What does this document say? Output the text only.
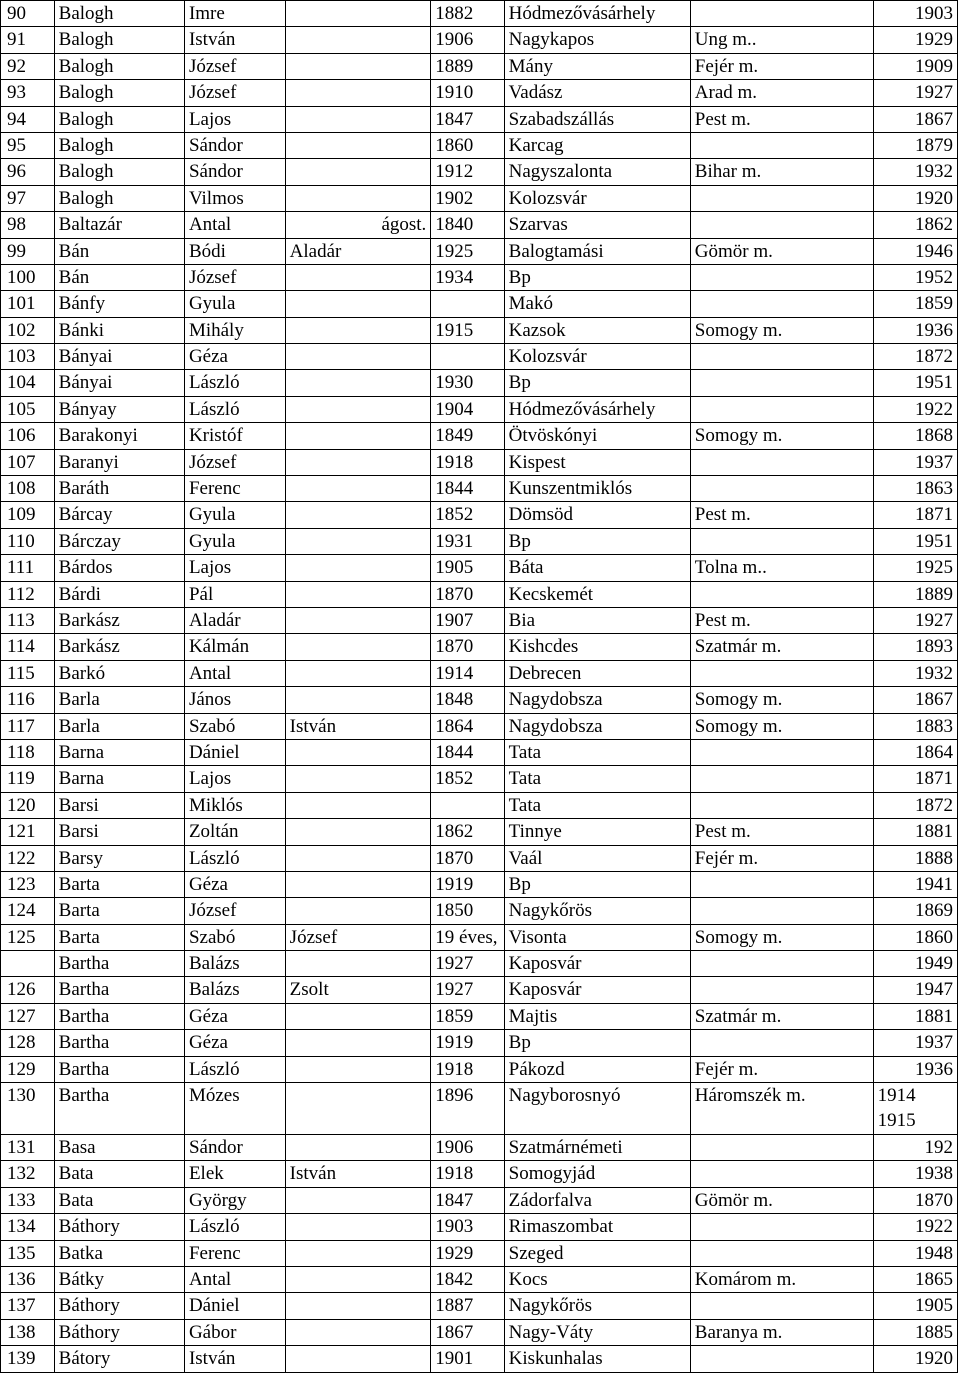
90	Balogh	Imre		1882	Hódmezővásárhely		1903
91	Balogh	István		1906	Nagykapos	Ung m..	1929
92	Balogh	József		1889	Mány	Fejér m.	1909
93	Balogh	József		1910	Vadász	Arad m.	1927
94	Balogh	Lajos		1847	Szabadszállás	Pest m.	1867
95	Balogh	Sándor		1860	Karcag		1879
96	Balogh	Sándor		1912	Nagyszalonta	Bihar m.	1932
97	Balogh	Vilmos		1902	Kolozsvár		1920
98	Baltazár	Antal	ágost.	1840	Szarvas		1862
99	Bán	Bódi	Aladár	1925	Balogtamási	Gömör m.	1946
100	Bán	József		1934	Bp		1952
101	Bánfy	Gyula			Makó		1859
102	Bánki	Mihály		1915	Kazsok	Somogy m.	1936
103	Bányai	Géza			Kolozsvár		1872
104	Bányai	László		1930	Bp		1951
105	Bányay	László		1904	Hódmezővásárhely		1922
106	Barakonyi	Kristóf		1849	Ötvöskónyi	Somogy m.	1868
107	Baranyi	József		1918	Kispest		1937
108	Baráth	Ferenc		1844	Kunszentmiklós		1863
109	Bárcay	Gyula		1852	Dömsöd	Pest m.	1871
110	Bárczay	Gyula		1931	Bp		1951
111	Bárdos	Lajos		1905	Báta	Tolna m..	1925
112	Bárdi	Pál		1870	Kecskemét		1889
113	Barkász	Aladár		1907	Bia	Pest m.	1927
114	Barkász	Kálmán		1870	Kishcdes	Szatmár m.	1893
115	Barkó	Antal		1914	Debrecen		1932
116	Barla	János		1848	Nagydobsza	Somogy m.	1867
117	Barla	Szabó	István	1864	Nagydobsza	Somogy m.	1883
118	Barna	Dániel		1844	Tata		1864
119	Barna	Lajos		1852	Tata		1871
120	Barsi	Miklós			Tata		1872
121	Barsi	Zoltán		1862	Tinnye	Pest m.	1881
122	Barsy	László		1870	Vaál	Fejér m.	1888
123	Barta	Géza		1919	Bp		1941
124	Barta	József		1850	Nagykőrös		1869
125	Barta	Szabó	József	19 éves,	Visonta	Somogy m.	1860
	Bartha	Balázs		1927	Kaposvár		1949
126	Bartha	Balázs	Zsolt	1927	Kaposvár		1947
127	Bartha	Géza		1859	Majtis	Szatmár m.	1881
128	Bartha	Géza		1919	Bp		1937
129	Bartha	László		1918	Pákozd	Fejér m.	1936
130	Bartha	Mózes		1896	Nagyborosnyó	Háromszék m.	1914
1915

131	Basa	Sándor		1906	Szatmárnémeti		192
132	Bata	Elek	István	1918	Somogyjád		1938
133	Bata	György		1847	Zádorfalva	Gömör m.	1870
134	Báthory	László		1903	Rimaszombat		1922
135	Batka	Ferenc		1929	Szeged		1948
136	Bátky	Antal		1842	Kocs	Komárom m.	1865
137	Báthory	Dániel		1887	Nagykőrös		1905
138	Báthory	Gábor		1867	Nagy-Váty	Baranya m.	1885
139	Bátory	István		1901	Kiskunhalas		1920
